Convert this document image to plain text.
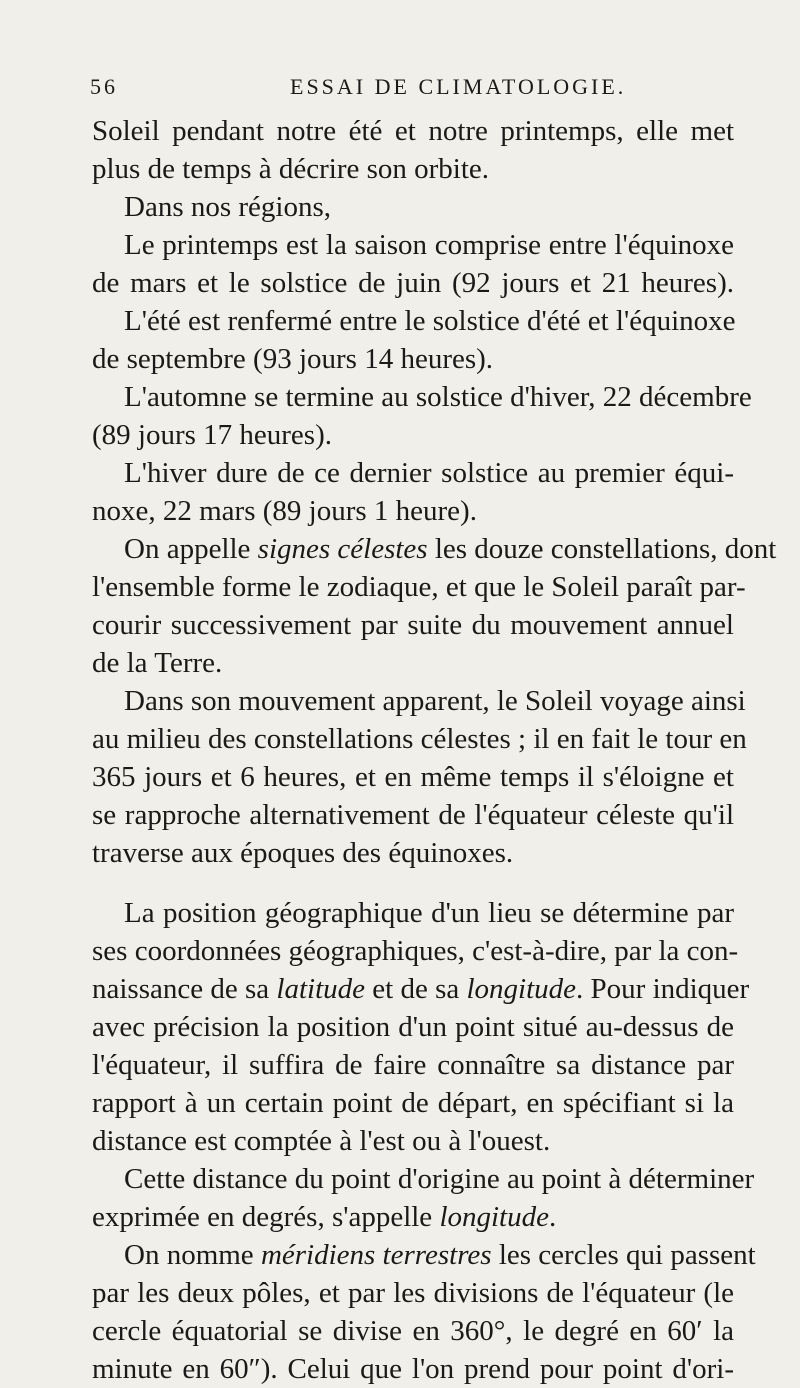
56	ESSAI DE CLIMATOLOGIE.
Soleil pendant notre été et notre printemps, elle met
plus de temps à décrire son orbite.
Dans nos régions,
Le printemps est la saison comprise entre l'équinoxe
de mars et le solstice de juin (92 jours et 21 heures).
L'été est renfermé entre le solstice d'été et l'équinoxe
de septembre (93 jours 14 heures).
L'automne se termine au solstice d'hiver, 22 décembre
(89 jours 17 heures).
L'hiver dure de ce dernier solstice au premier équi-
noxe, 22 mars (89 jours 1 heure).
On appelle signes célestes les douze constellations, dont
l'ensemble forme le zodiaque, et que le Soleil paraît par-
courir successivement par suite du mouvement annuel
de la Terre.
Dans son mouvement apparent, le Soleil voyage ainsi
au milieu des constellations célestes ; il en fait le tour en
365 jours et 6 heures, et en même temps il s'éloigne et
se rapproche alternativement de l'équateur céleste qu'il
traverse aux époques des équinoxes.
La position géographique d'un lieu se détermine par
ses coordonnées géographiques, c'est-à-dire, par la con-
naissance de sa latitude et de sa longitude. Pour indiquer
avec précision la position d'un point situé au-dessus de
l'équateur, il suffira de faire connaître sa distance par
rapport à un certain point de départ, en spécifiant si la
distance est comptée à l'est ou à l'ouest.
Cette distance du point d'origine au point à déterminer
exprimée en degrés, s'appelle longitude.
On nomme méridiens terrestres les cercles qui passent
par les deux pôles, et par les divisions de l'équateur (le
cercle équatorial se divise en 360°, le degré en 60′ la
minute en 60″). Celui que l'on prend pour point d'ori-
